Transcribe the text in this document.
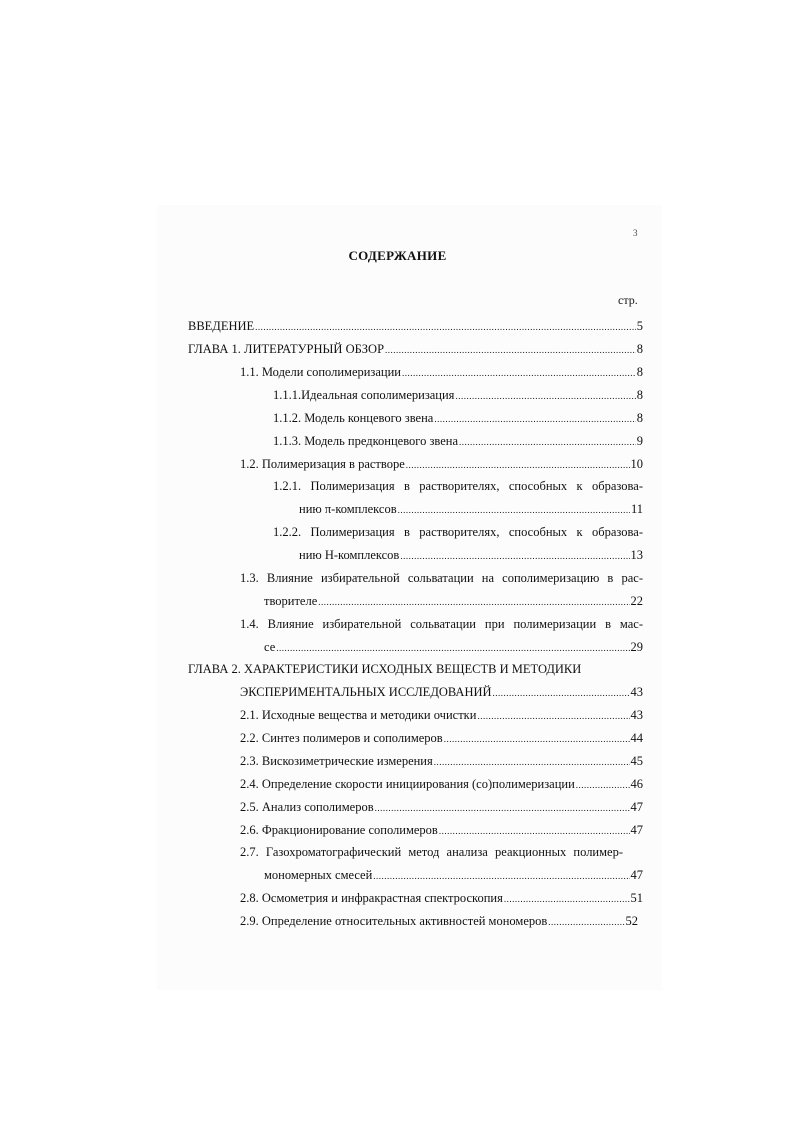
3
СОДЕРЖАНИЕ
стр.
ВВЕДЕНИЕ .....	5
ГЛАВА 1. ЛИТЕРАТУРНЫЙ ОБЗОР .....	8
1.1. Модели сополимеризации .....	8
1.1.1.Идеальная сополимеризация .....	8
1.1.2. Модель концевого звена .....	8
1.1.3. Модель предконцевого звена .....	9
1.2. Полимеризация в растворе .....	10
1.2.1. Полимеризация в растворителях, способных к образова-
нию π-комплексов .....	11
1.2.2. Полимеризация в растворителях, способных к образова-
нию Н-комплексов .....	13
1.3. Влияние избирательной сольватации на сополимеризацию в рас-
творителе .....	22
1.4. Влияние избирательной сольватации при полимеризации в мас-
се .....	29
ГЛАВА 2. ХАРАКТЕРИСТИКИ ИСХОДНЫХ ВЕЩЕСТВ И МЕТОДИКИ
ЭКСПЕРИМЕНТАЛЬНЫХ ИССЛЕДОВАНИЙ .....	43
2.1. Исходные вещества и методики очистки .....	43
2.2. Синтез полимеров и сополимеров .....	44
2.3. Вискозиметрические измерения .....	45
2.4. Определение скорости инициирования (со)полимеризации .....	46
2.5. Анализ сополимеров .....	47
2.6. Фракционирование сополимеров .....	47
2.7. Газохроматографический метод анализа реакционных полимер-
мономерных смесей .....	47
2.8. Осмометрия и инфракрастная спектроскопия .....	51
2.9. Определение относительных активностей мономеров .....	52
